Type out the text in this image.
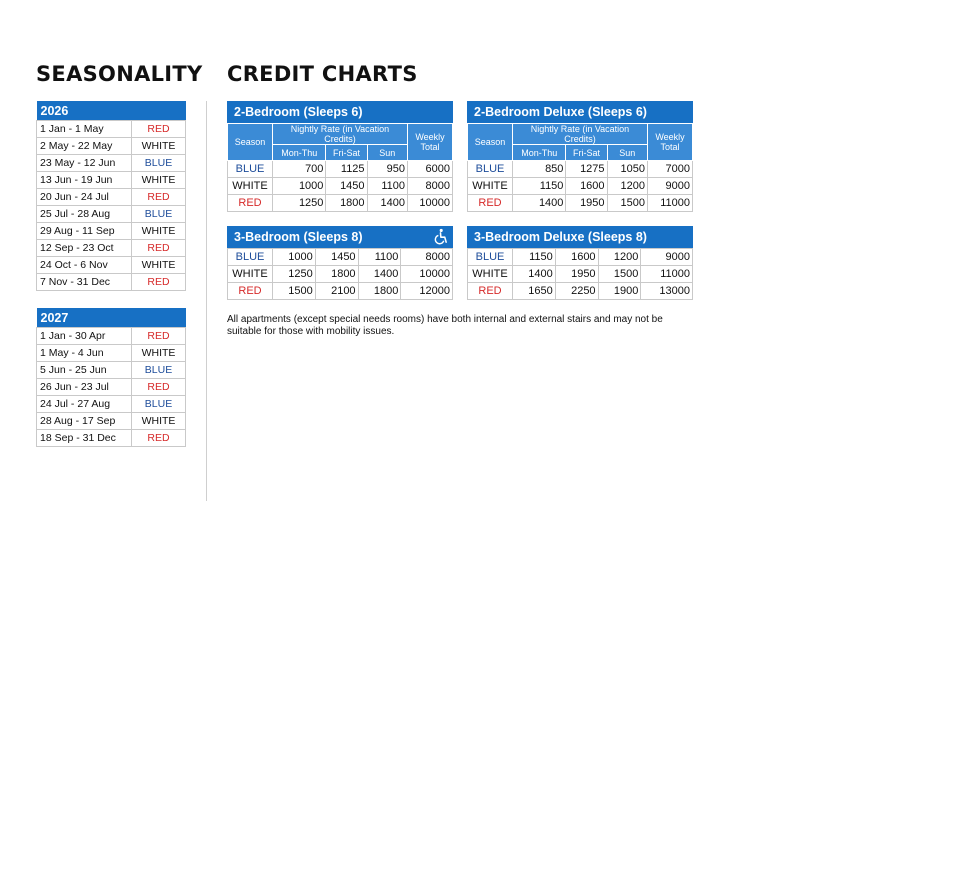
SEASONALITY CREDIT CHARTS
2026	
1 Jan - 1 May	RED
2 May - 22 May	WHITE
23 May - 12 Jun	BLUE
13 Jun - 19 Jun	WHITE
20 Jun - 24 Jul	RED
25 Jul - 28 Aug	BLUE
29 Aug - 11 Sep	WHITE
12 Sep - 23 Oct	RED
24 Oct - 6 Nov	WHITE
7 Nov - 31 Dec	RED
2027	
1 Jan - 30 Apr	RED
1 May - 4 Jun	WHITE
5 Jun - 25 Jun	BLUE
26 Jun - 23 Jul	RED
24 Jul - 27 Aug	BLUE
28 Aug - 17 Sep	WHITE
18 Sep - 31 Dec	RED
2-Bedroom (Sleeps 6)
Season	Nightly Rate (in Vacation Credits)			Weekly Total
	Mon-Thu	Fri-Sat	Sun	
BLUE	700	1125	950	6000
WHITE	1000	1450	1100	8000
RED	1250	1800	1400	10000
2-Bedroom Deluxe (Sleeps 6)
Season	Nightly Rate (in Vacation Credits)			Weekly Total
	Mon-Thu	Fri-Sat	Sun	
BLUE	850	1275	1050	7000
WHITE	1150	1600	1200	9000
RED	1400	1950	1500	11000
3-Bedroom (Sleeps 8)
BLUE	1000	1450	1100	8000
WHITE	1250	1800	1400	10000
RED	1500	2100	1800	12000
3-Bedroom Deluxe (Sleeps 8)
BLUE	1150	1600	1200	9000
WHITE	1400	1950	1500	11000
RED	1650	2250	1900	13000

All apartments (except special needs rooms) have both internal and external stairs and may not be suitable for those with mobility issues.
